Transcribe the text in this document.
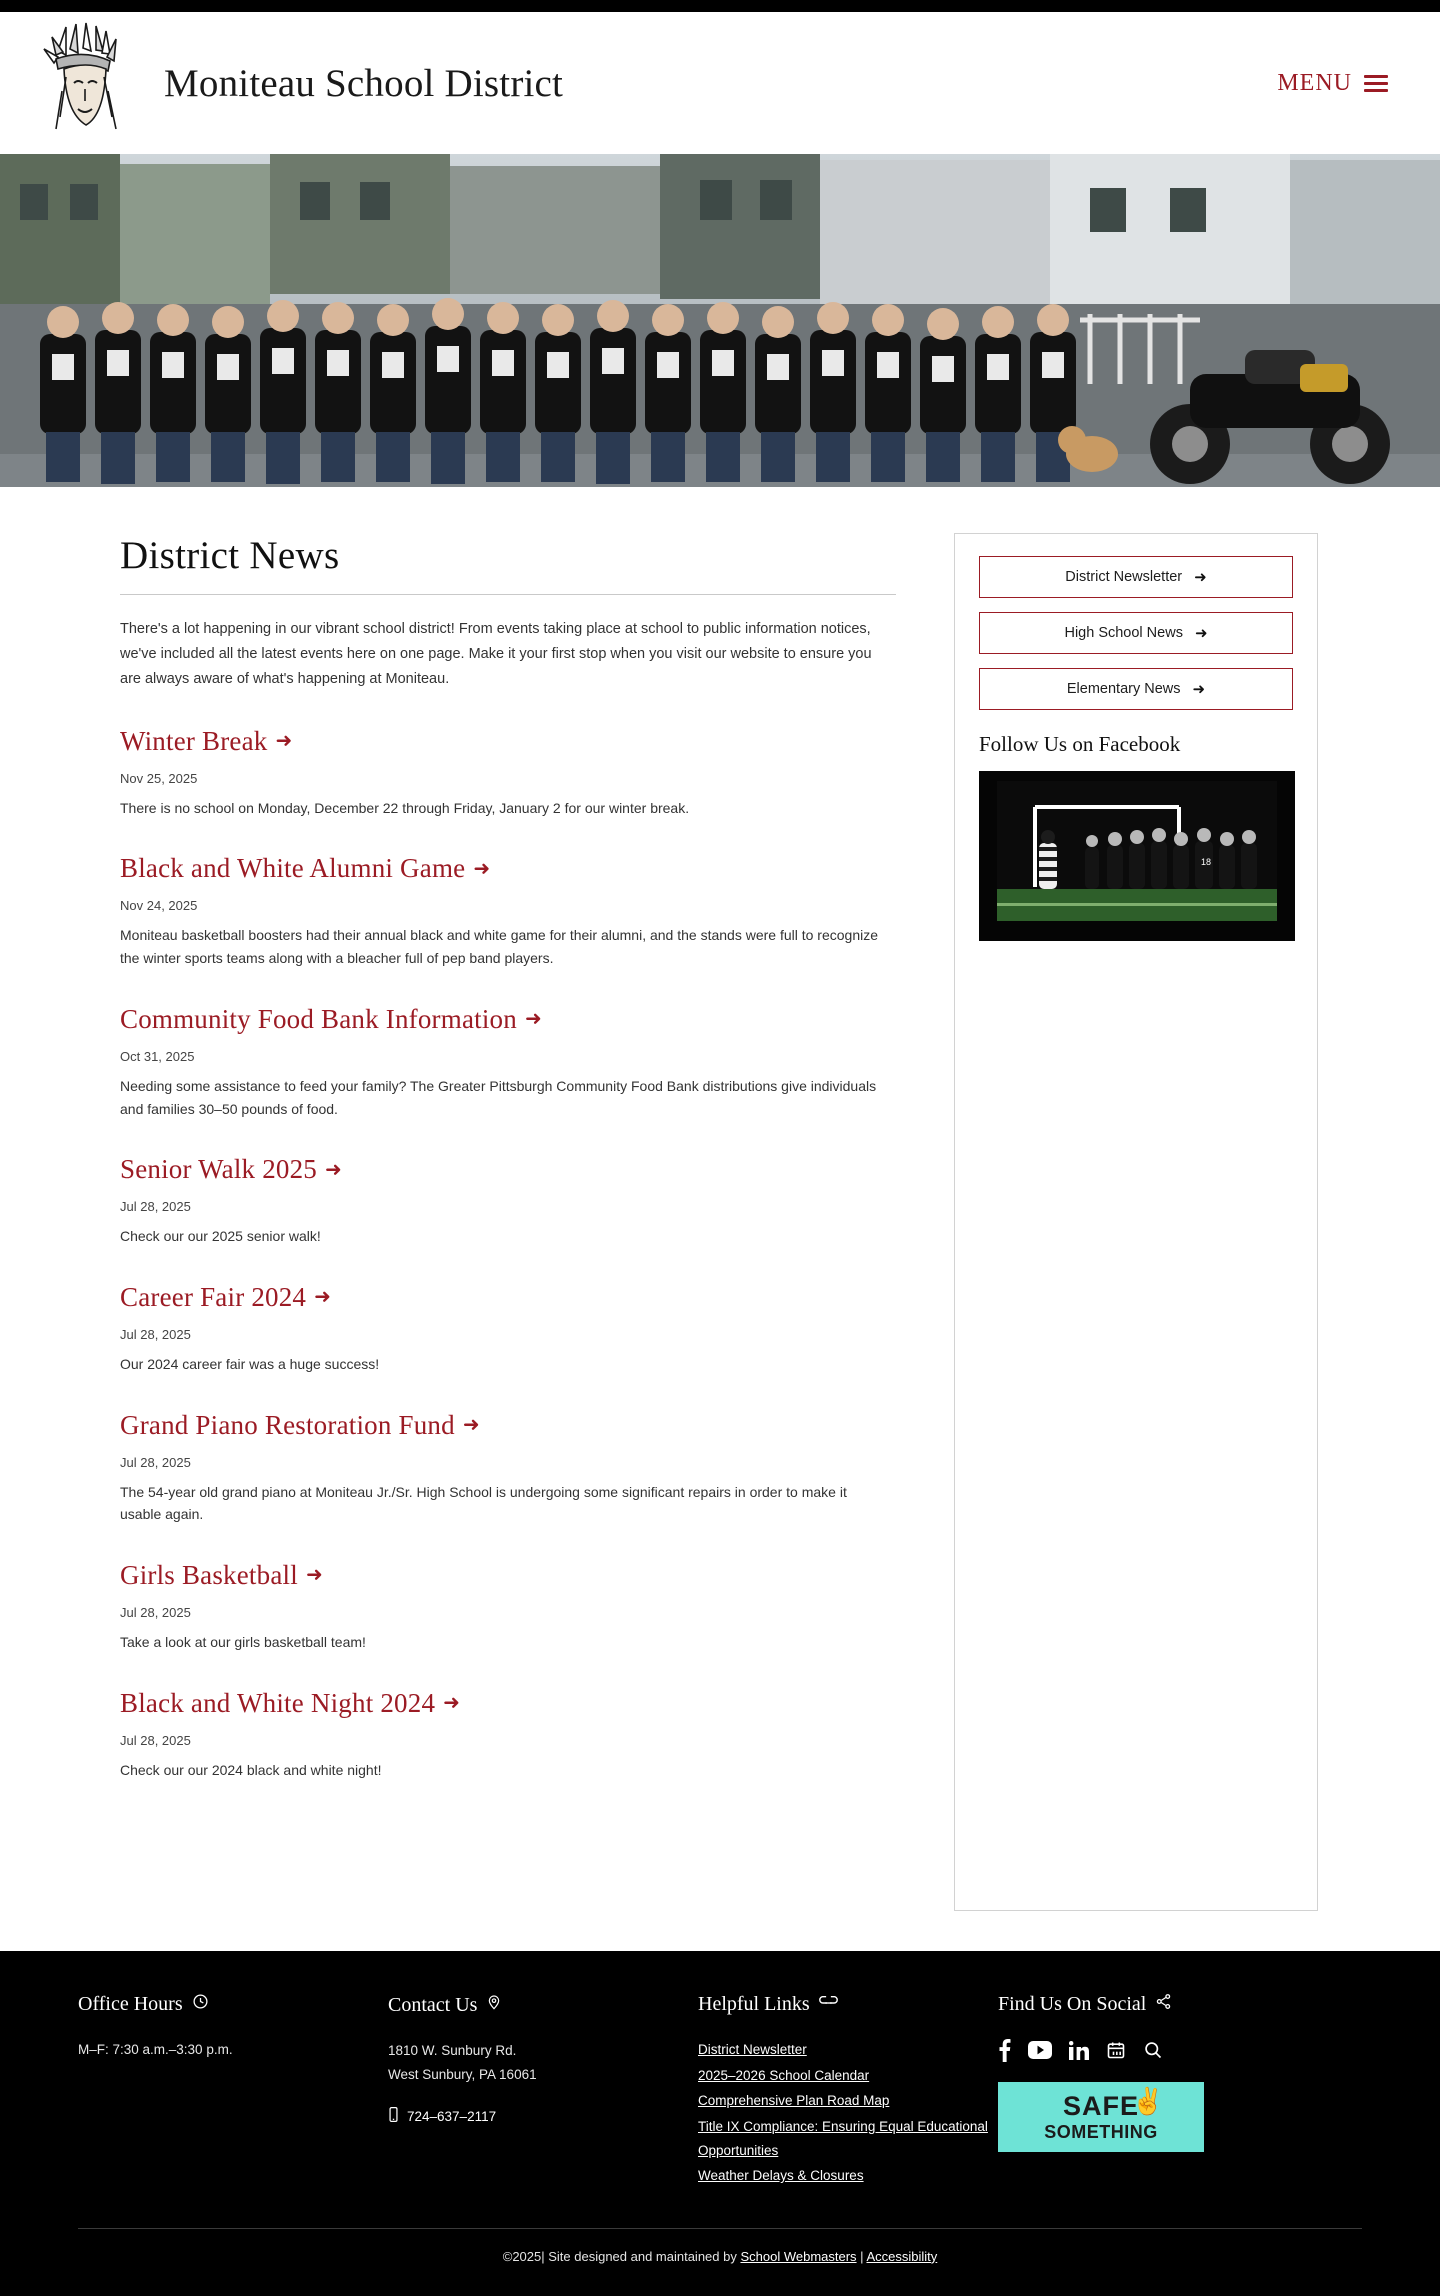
Moniteau School District	MENU
District News

There's a lot happening in our vibrant school district! From events taking place at school to public information notices, we've included all the latest events here on one page. Make it your first stop when you visit our website to ensure you are always aware of what's happening at Moniteau.

Winter Break ➜
Nov 25, 2025
There is no school on Monday, December 22 through Friday, January 2 for our winter break.
Black and White Alumni Game ➜
Nov 24, 2025
Moniteau basketball boosters had their annual black and white game for their alumni, and the stands were full to recognize the winter sports teams along with a bleacher full of pep band players.
Community Food Bank Information ➜
Oct 31, 2025
Needing some assistance to feed your family? The Greater Pittsburgh Community Food Bank distributions give individuals and families 30–50 pounds of food.
Senior Walk 2025 ➜
Jul 28, 2025
Check our our 2025 senior walk!
Career Fair 2024 ➜
Jul 28, 2025
Our 2024 career fair was a huge success!
Grand Piano Restoration Fund ➜
Jul 28, 2025
The 54-year old grand piano at Moniteau Jr./Sr. High School is undergoing some significant repairs in order to make it usable again.
Girls Basketball ➜
Jul 28, 2025
Take a look at our girls basketball team!
Black and White Night 2024 ➜
Jul 28, 2025
Check our our 2024 black and white night!
District Newsletter ➜
High School News ➜
Elementary News ➜
Follow Us on Facebook
18
Office Hours
M–F: 7:30 a.m.–3:30 p.m.
Contact Us
1810 W. Sunbury Rd.
West Sunbury, PA 16061
724–637–2117
Helpful Links
District Newsletter
2025–2026 School Calendar
Comprehensive Plan Road Map
Title IX Compliance: Ensuring Equal Educational Opportunities
Weather Delays & Closures
Find Us On Social
SAFE
SOMETHING
✌
©2025| Site designed and maintained by School Webmasters | Accessibility
